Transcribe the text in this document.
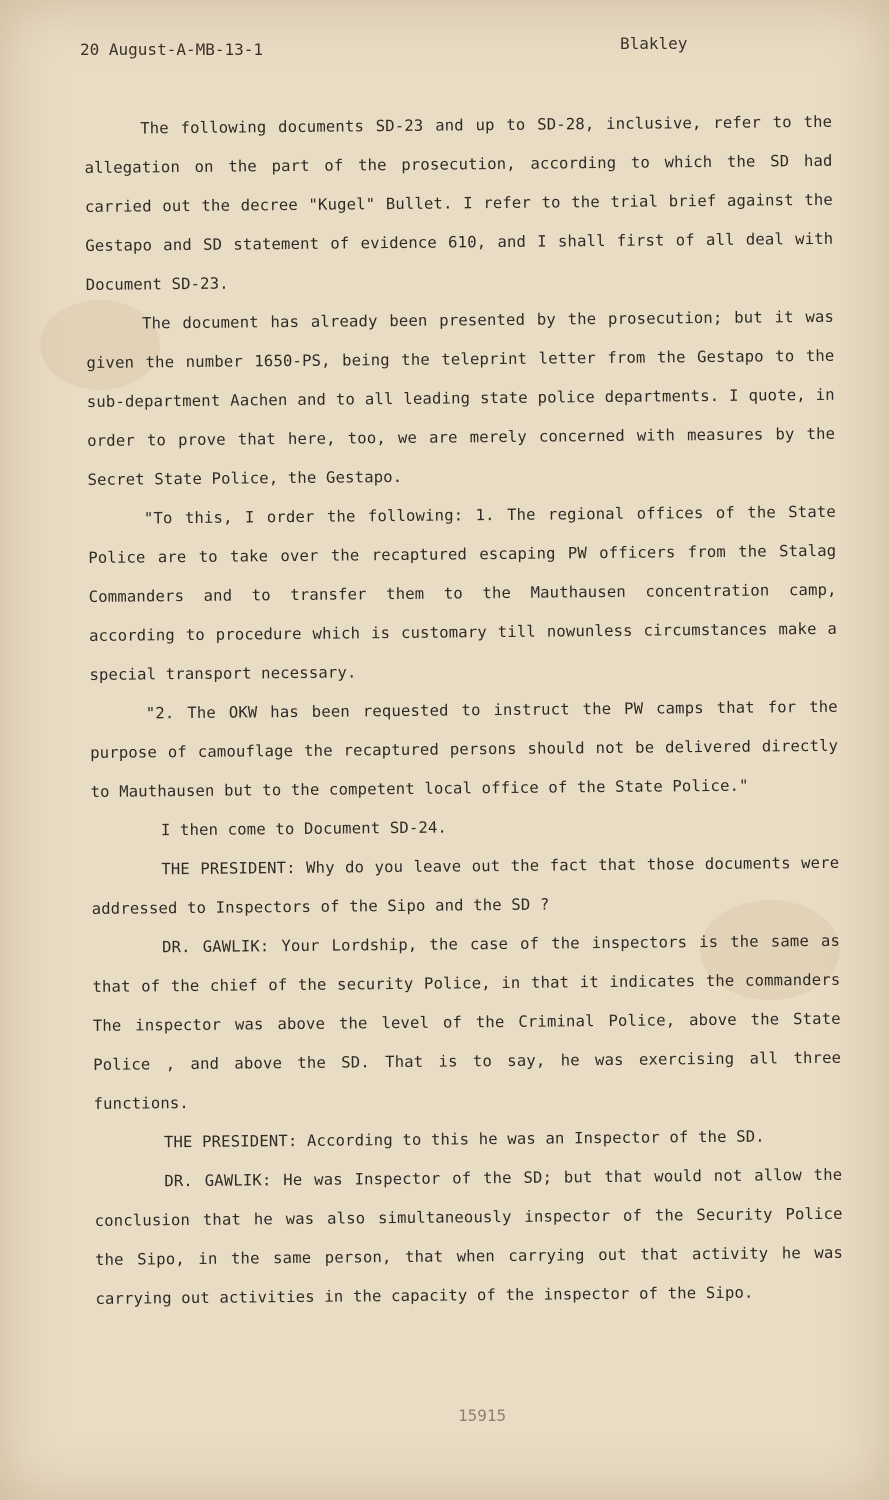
20 August-A-MB-13-1	Blakley

The following documents SD-23 and up to SD-28, inclusive, refer to the allegation on the part of the prosecution, according to which the SD had carried out the decree "Kugel" Bullet. I refer to the trial brief against the Gestapo and SD statement of evidence 610, and I shall first of all deal with Document SD-23.

The document has already been presented by the prosecution; but it was given the number 1650-PS, being the teleprint letter from the Gestapo to the sub-department Aachen and to all leading state police departments. I quote, in order to prove that here, too, we are merely concerned with measures by the Secret State Police, the Gestapo.

"To this, I order the following: 1. The regional offices of the State Police are to take over the recaptured escaping PW officers from the Stalag Commanders and to transfer them to the Mauthausen concentration camp, according to procedure which is customary till nowunless circumstances make a special transport necessary.

"2. The OKW has been requested to instruct the PW camps that for the purpose of camouflage the recaptured persons should not be delivered directly to Mauthausen but to the competent local office of the State Police."

I then come to Document SD-24.

THE PRESIDENT: Why do you leave out the fact that those documents were addressed to Inspectors of the Sipo and the SD ?

DR. GAWLIK: Your Lordship, the case of the inspectors is the same as that of the chief of the security Police, in that it indicates the commanders The inspector was above the level of the Criminal Police, above the State Police , and above the SD. That is to say, he was exercising all three functions.

THE PRESIDENT: According to this he was an Inspector of the SD.

DR. GAWLIK: He was Inspector of the SD; but that would not allow the conclusion that he was also simultaneously inspector of the Security Police the Sipo, in the same person, that when carrying out that activity he was carrying out activities in the capacity of the inspector of the Sipo.

15915
